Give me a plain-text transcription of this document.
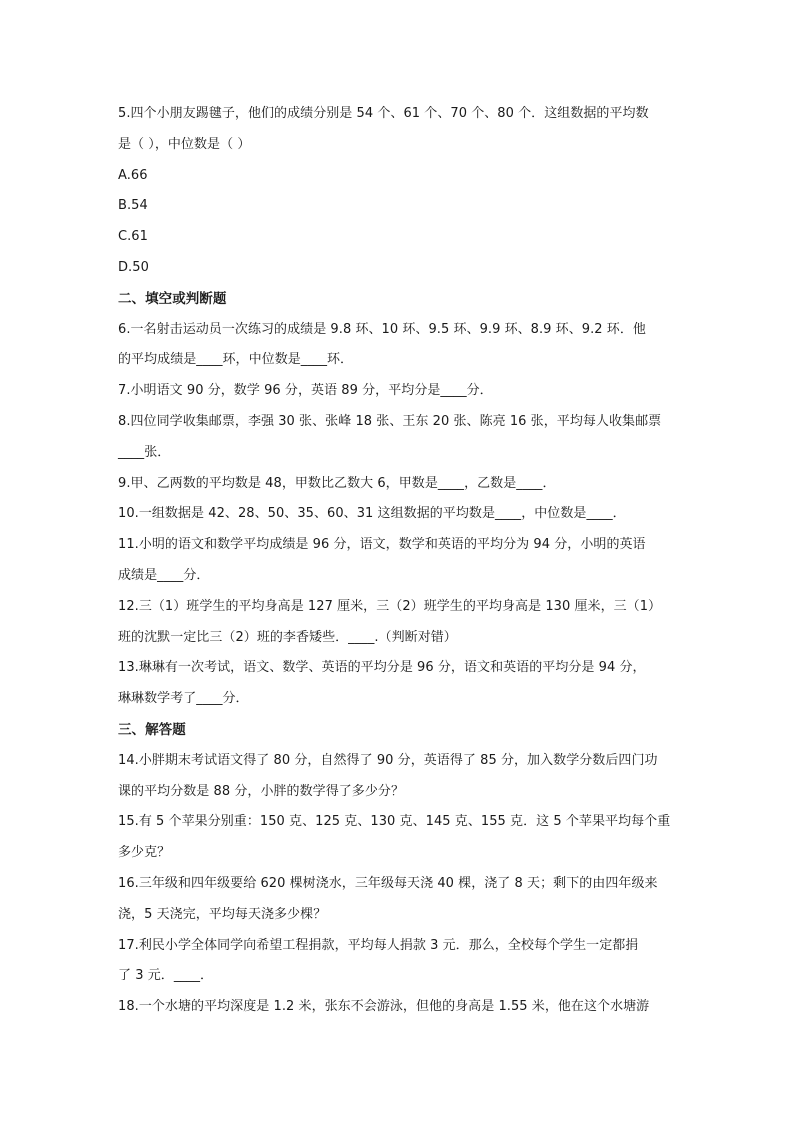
5.四个小朋友踢毽子，他们的成绩分别是 54 个、61 个、70 个、80 个．这组数据的平均数
是（ ），中位数是（ ）
A.66
B.54
C.61
D.50
二、填空或判断题
6.一名射击运动员一次练习的成绩是 9.8 环、10 环、9.5 环、9.9 环、8.9 环、9.2 环．他
的平均成绩是____环，中位数是____环．
7.小明语文 90 分，数学 96 分，英语 89 分，平均分是____分．
8.四位同学收集邮票，李强 30 张、张峰 18 张、王东 20 张、陈亮 16 张，平均每人收集邮票
____张．
9.甲、乙两数的平均数是 48，甲数比乙数大 6，甲数是____，乙数是____．
10.一组数据是 42、28、50、35、60、31 这组数据的平均数是____，中位数是____．
11.小明的语文和数学平均成绩是 96 分，语文，数学和英语的平均分为 94 分，小明的英语
成绩是____分．
12.三（1）班学生的平均身高是 127 厘米，三（2）班学生的平均身高是 130 厘米，三（1）
班的沈默一定比三（2）班的李香矮些．____.（判断对错）
13.琳琳有一次考试，语文、数学、英语的平均分是 96 分，语文和英语的平均分是 94 分，
琳琳数学考了____分．
三、解答题
14.小胖期末考试语文得了 80 分，自然得了 90 分，英语得了 85 分，加入数学分数后四门功
课的平均分数是 88 分，小胖的数学得了多少分？
15.有 5 个苹果分别重：150 克、125 克、130 克、145 克、155 克．这 5 个苹果平均每个重
多少克？
16.三年级和四年级要给 620 棵树浇水，三年级每天浇 40 棵，浇了 8 天；剩下的由四年级来
浇，5 天浇完，平均每天浇多少棵？
17.利民小学全体同学向希望工程捐款，平均每人捐款 3 元．那么，全校每个学生一定都捐
了 3 元．____．
18.一个水塘的平均深度是 1.2 米，张东不会游泳，但他的身高是 1.55 米，他在这个水塘游
